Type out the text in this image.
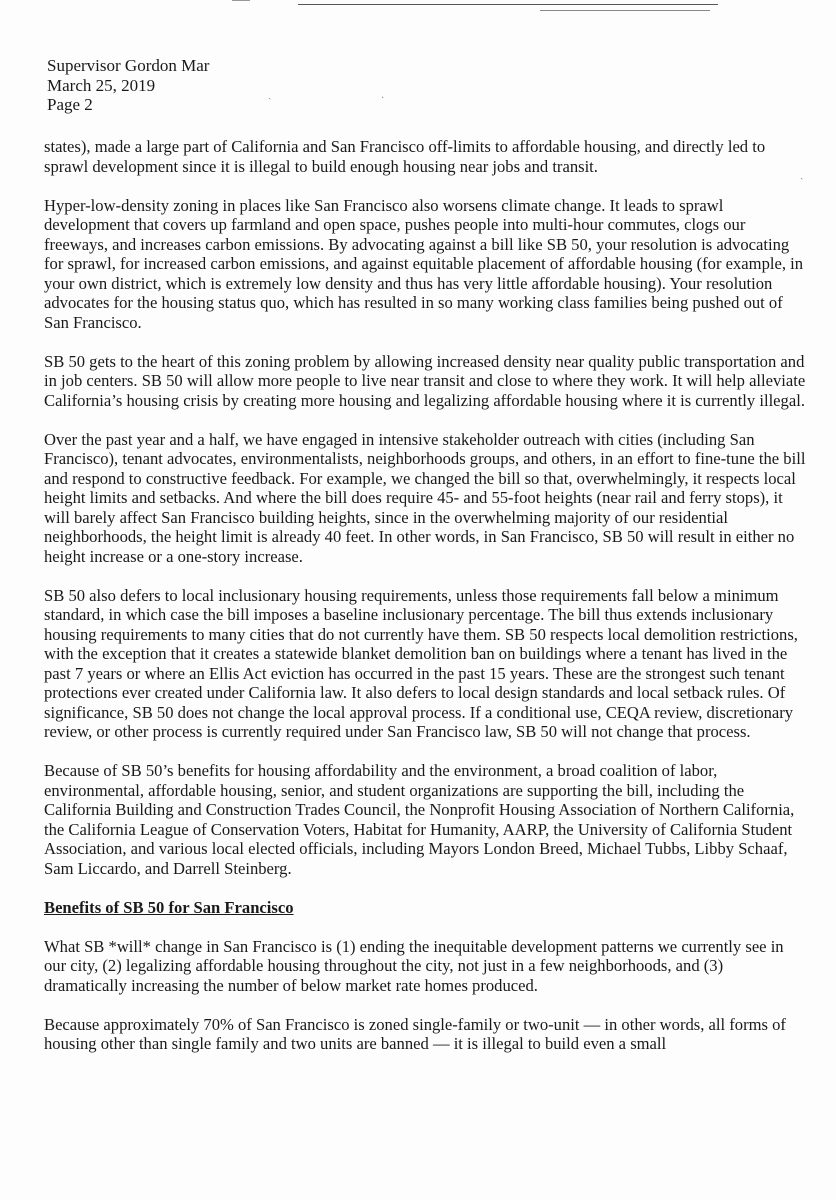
Supervisor Gordon Mar
March 25, 2019
Page 2
ˏ	·
ˏ

states), made a large part of California and San Francisco off-limits to affordable housing, and directly led to sprawl development since it is illegal to build enough housing near jobs and transit.

Hyper-low-density zoning in places like San Francisco also worsens climate change. It leads to sprawl development that covers up farmland and open space, pushes people into multi-hour commutes, clogs our freeways, and increases carbon emissions. By advocating against a bill like SB 50, your resolution is advocating for sprawl, for increased carbon emissions, and against equitable placement of affordable housing (for example, in your own district, which is extremely low density and thus has very little affordable housing). Your resolution advocates for the housing status quo, which has resulted in so many working class families being pushed out of San Francisco.

SB 50 gets to the heart of this zoning problem by allowing increased density near quality public transportation and in job centers. SB 50 will allow more people to live near transit and close to where they work. It will help alleviate California’s housing crisis by creating more housing and legalizing affordable housing where it is currently illegal.

Over the past year and a half, we have engaged in intensive stakeholder outreach with cities (including San Francisco), tenant advocates, environmentalists, neighborhoods groups, and others, in an effort to fine-tune the bill and respond to constructive feedback. For example, we changed the bill so that, overwhelmingly, it respects local height limits and setbacks. And where the bill does require 45- and 55-foot heights (near rail and ferry stops), it will barely affect San Francisco building heights, since in the overwhelming majority of our residential neighborhoods, the height limit is already 40 feet. In other words, in San Francisco, SB 50 will result in either no height increase or a one-story increase.

SB 50 also defers to local inclusionary housing requirements, unless those requirements fall below a minimum standard, in which case the bill imposes a baseline inclusionary percentage. The bill thus extends inclusionary housing requirements to many cities that do not currently have them. SB 50 respects local demolition restrictions, with the exception that it creates a statewide blanket demolition ban on buildings where a tenant has lived in the past 7 years or where an Ellis Act eviction has occurred in the past 15 years. These are the strongest such tenant protections ever created under California law. It also defers to local design standards and local setback rules. Of significance, SB 50 does not change the local approval process. If a conditional use, CEQA review, discretionary review, or other process is currently required under San Francisco law, SB 50 will not change that process.

Because of SB 50’s benefits for housing affordability and the environment, a broad coalition of labor, environmental, affordable housing, senior, and student organizations are supporting the bill, including the California Building and Construction Trades Council, the Nonprofit Housing Association of Northern California, the California League of Conservation Voters, Habitat for Humanity, AARP, the University of California Student Association, and various local elected officials, including Mayors London Breed, Michael Tubbs, Libby Schaaf, Sam Liccardo, and Darrell Steinberg.

Benefits of SB 50 for San Francisco

What SB *will* change in San Francisco is (1) ending the inequitable development patterns we currently see in our city, (2) legalizing affordable housing throughout the city, not just in a few neighborhoods, and (3) dramatically increasing the number of below market rate homes produced.

Because approximately 70% of San Francisco is zoned single-family or two-unit — in other words, all forms of housing other than single family and two units are banned — it is illegal to build even a small
